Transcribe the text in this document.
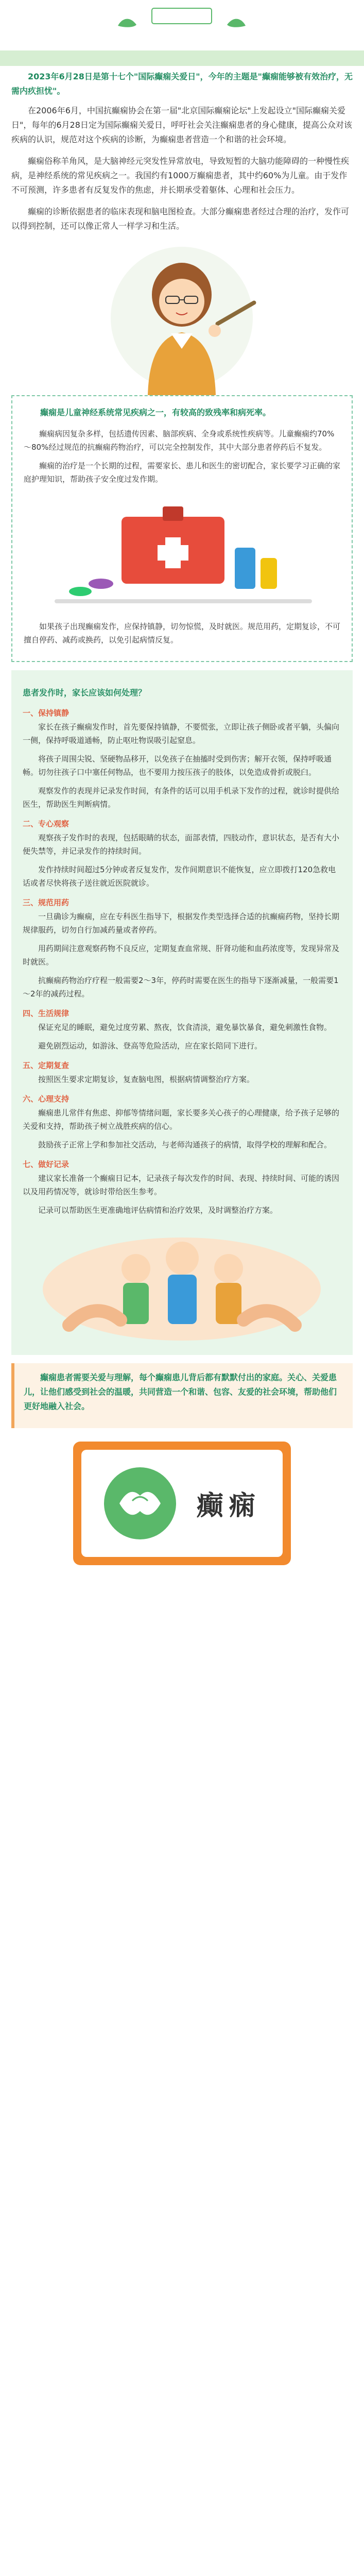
2023年6月28日是第十七个"国际癫痫关爱日"，今年的主题是"癫痫能够被有效治疗，无需内疚担忧"。

在2006年6月，中国抗癫痫协会在第一届"北京国际癫痫论坛"上发起设立"国际癫痫关爱日"，每年的6月28日定为国际癫痫关爱日，呼吁社会关注癫痫患者的身心健康，提高公众对该疾病的认识，规范对这个疾病的诊断，为癫痫患者营造一个和谐的社会环境。

癫痫俗称羊角风，是大脑神经元突发性异常放电，导致短暂的大脑功能障碍的一种慢性疾病，是神经系统的常见疾病之一。我国约有1000万癫痫患者，其中约60%为儿童。由于发作不可预测，许多患者有反复发作的焦虑，并长期承受着躯体、心理和社会压力。

癫痫的诊断依据患者的临床表现和脑电图检查。大部分癫痫患者经过合理的治疗，发作可以得到控制，还可以像正常人一样学习和生活。

癫痫是儿童神经系统常见疾病之一，有较高的致残率和病死率。

癫痫病因复杂多样，包括遗传因素、脑部疾病、全身或系统性疾病等。儿童癫痫约70%～80%经过规范的抗癫痫药物治疗，可以完全控制发作，其中大部分患者停药后不复发。

癫痫的治疗是一个长期的过程，需要家长、患儿和医生的密切配合，家长要学习正确的家庭护理知识，帮助孩子安全度过发作期。

如果孩子出现癫痫发作，应保持镇静，切勿惊慌，及时就医。规范用药，定期复诊，不可擅自停药、减药或换药，以免引起病情反复。

患者发作时，家长应该如何处理？
一、保持镇静

家长在孩子癫痫发作时，首先要保持镇静，不要慌张，立即让孩子侧卧或者平躺，头偏向一侧，保持呼吸道通畅，防止呕吐物误吸引起窒息。

将孩子周围尖锐、坚硬物品移开，以免孩子在抽搐时受到伤害；解开衣领，保持呼吸通畅。切勿往孩子口中塞任何物品，也不要用力按压孩子的肢体，以免造成骨折或脱臼。

观察发作的表现并记录发作时间，有条件的话可以用手机录下发作的过程，就诊时提供给医生，帮助医生判断病情。

二、专心观察

观察孩子发作时的表现，包括眼睛的状态，面部表情，四肢动作，意识状态，是否有大小便失禁等，并记录发作的持续时间。

发作持续时间超过5分钟或者反复发作，发作间期意识不能恢复，应立即拨打120急救电话或者尽快将孩子送往就近医院就诊。

三、规范用药

一旦确诊为癫痫，应在专科医生指导下，根据发作类型选择合适的抗癫痫药物，坚持长期规律服药，切勿自行加减药量或者停药。

用药期间注意观察药物不良反应，定期复查血常规、肝肾功能和血药浓度等，发现异常及时就医。

抗癫痫药物治疗疗程一般需要2～3年，停药时需要在医生的指导下逐渐减量，一般需要1～2年的减药过程。

四、生活规律

保证充足的睡眠，避免过度劳累、熬夜，饮食清淡，避免暴饮暴食，避免刺激性食物。

避免剧烈运动，如游泳、登高等危险活动，应在家长陪同下进行。

五、定期复查

按照医生要求定期复诊，复查脑电图，根据病情调整治疗方案。

六、心理支持

癫痫患儿常伴有焦虑、抑郁等情绪问题，家长要多关心孩子的心理健康，给予孩子足够的关爱和支持，帮助孩子树立战胜疾病的信心。

鼓励孩子正常上学和参加社交活动，与老师沟通孩子的病情，取得学校的理解和配合。

七、做好记录

建议家长准备一个癫痫日记本，记录孩子每次发作的时间、表现、持续时间、可能的诱因以及用药情况等，就诊时带给医生参考。

记录可以帮助医生更准确地评估病情和治疗效果，及时调整治疗方案。

癫痫患者需要关爱与理解，每个癫痫患儿背后都有默默付出的家庭。关心、关爱患儿，让他们感受到社会的温暖，共同营造一个和谐、包容、友爱的社会环境，帮助他们更好地融入社会。

癫痫
